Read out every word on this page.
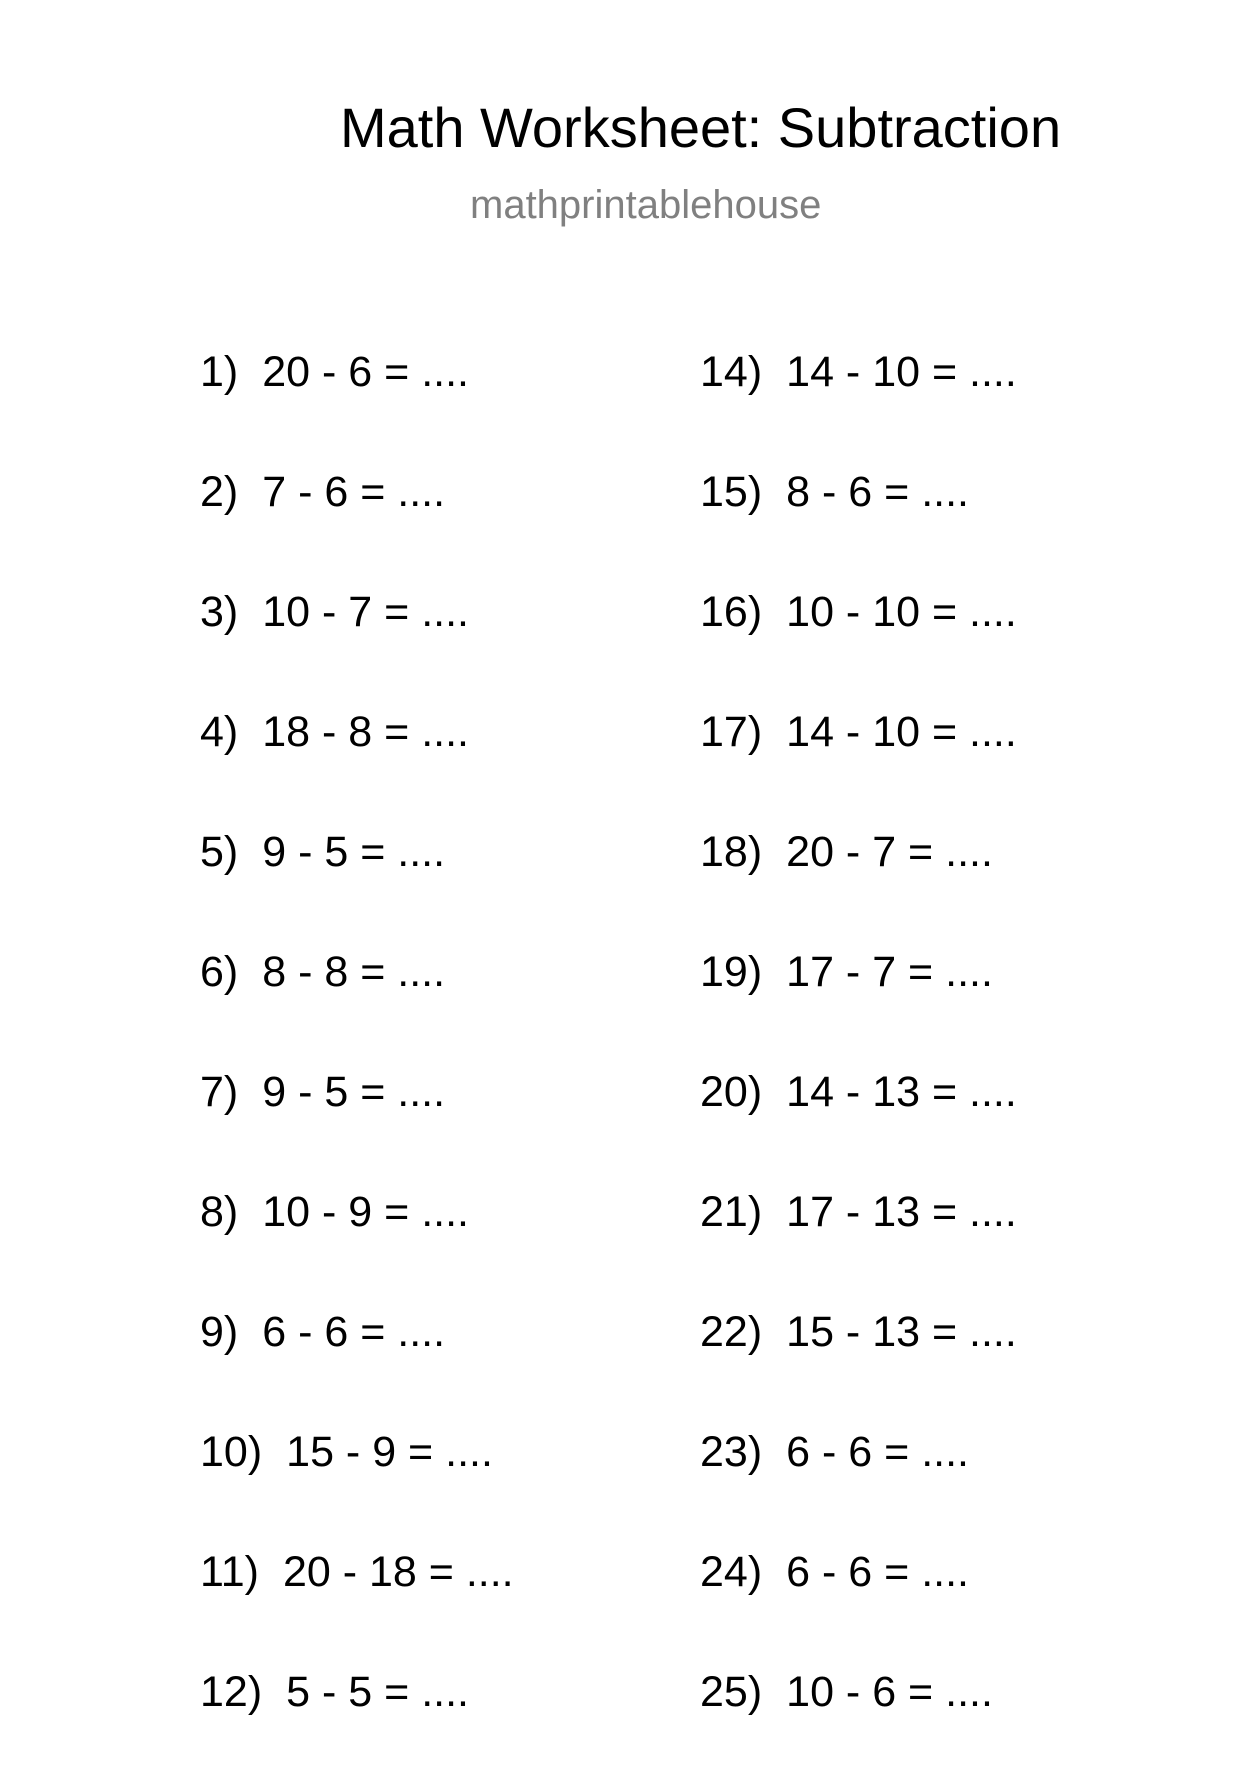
Math Worksheet: Subtraction
mathprintablehouse
1) 20 - 6 = ....
2) 7 - 6 = ....
3) 10 - 7 = ....
4) 18 - 8 = ....
5) 9 - 5 = ....
6) 8 - 8 = ....
7) 9 - 5 = ....
8) 10 - 9 = ....
9) 6 - 6 = ....
10) 15 - 9 = ....
11) 20 - 18 = ....
12) 5 - 5 = ....
14) 14 - 10 = ....
15) 8 - 6 = ....
16) 10 - 10 = ....
17) 14 - 10 = ....
18) 20 - 7 = ....
19) 17 - 7 = ....
20) 14 - 13 = ....
21) 17 - 13 = ....
22) 15 - 13 = ....
23) 6 - 6 = ....
24) 6 - 6 = ....
25) 10 - 6 = ....
